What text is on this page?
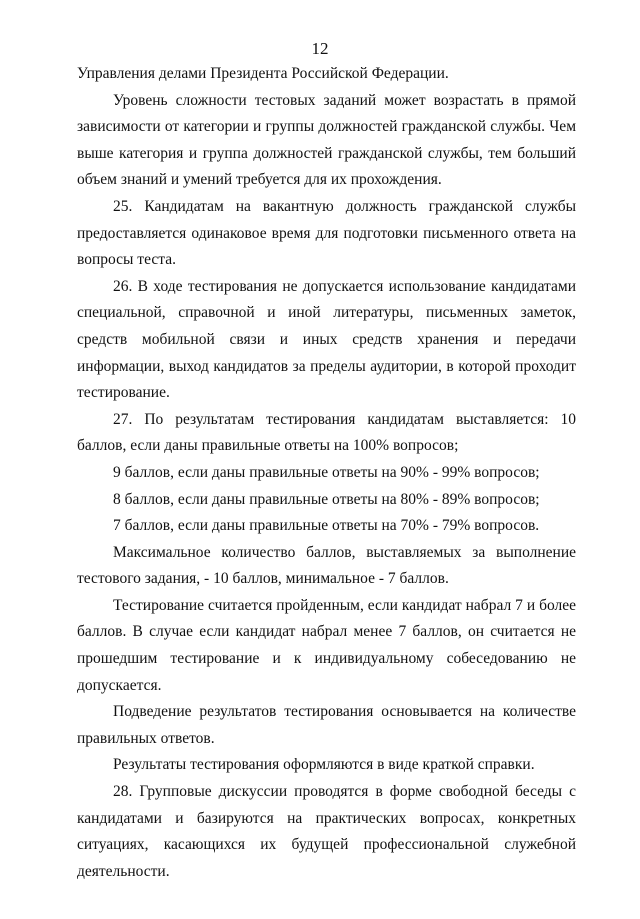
12

Управления делами Президента Российской Федерации.

Уровень сложности тестовых заданий может возрастать в прямой зависимости от категории и группы должностей гражданской службы. Чем выше категория и группа должностей гражданской службы, тем больший объем знаний и умений требуется для их прохождения.

25. Кандидатам на вакантную должность гражданской службы предоставляется одинаковое время для подготовки письменного ответа на вопросы теста.

26. В ходе тестирования не допускается использование кандидатами специальной, справочной и иной литературы, письменных заметок, средств мобильной связи и иных средств хранения и передачи информации, выход кандидатов за пределы аудитории, в которой проходит тестирование.

27. По результатам тестирования кандидатам выставляется: 10 баллов, если даны правильные ответы на 100% вопросов;

9 баллов, если даны правильные ответы на 90% - 99% вопросов;

8 баллов, если даны правильные ответы на 80% - 89% вопросов;

7 баллов, если даны правильные ответы на 70% - 79% вопросов.

Максимальное количество баллов, выставляемых за выполнение тестового задания, - 10 баллов, минимальное - 7 баллов.

Тестирование считается пройденным, если кандидат набрал 7 и более баллов. В случае если кандидат набрал менее 7 баллов, он считается не прошедшим тестирование и к индивидуальному собеседованию не допускается.

Подведение результатов тестирования основывается на количестве правильных ответов.

Результаты тестирования оформляются в виде краткой справки.

28. Групповые дискуссии проводятся в форме свободной беседы с кандидатами и базируются на практических вопросах, конкретных ситуациях, касающихся их будущей профессиональной служебной деятельности.
